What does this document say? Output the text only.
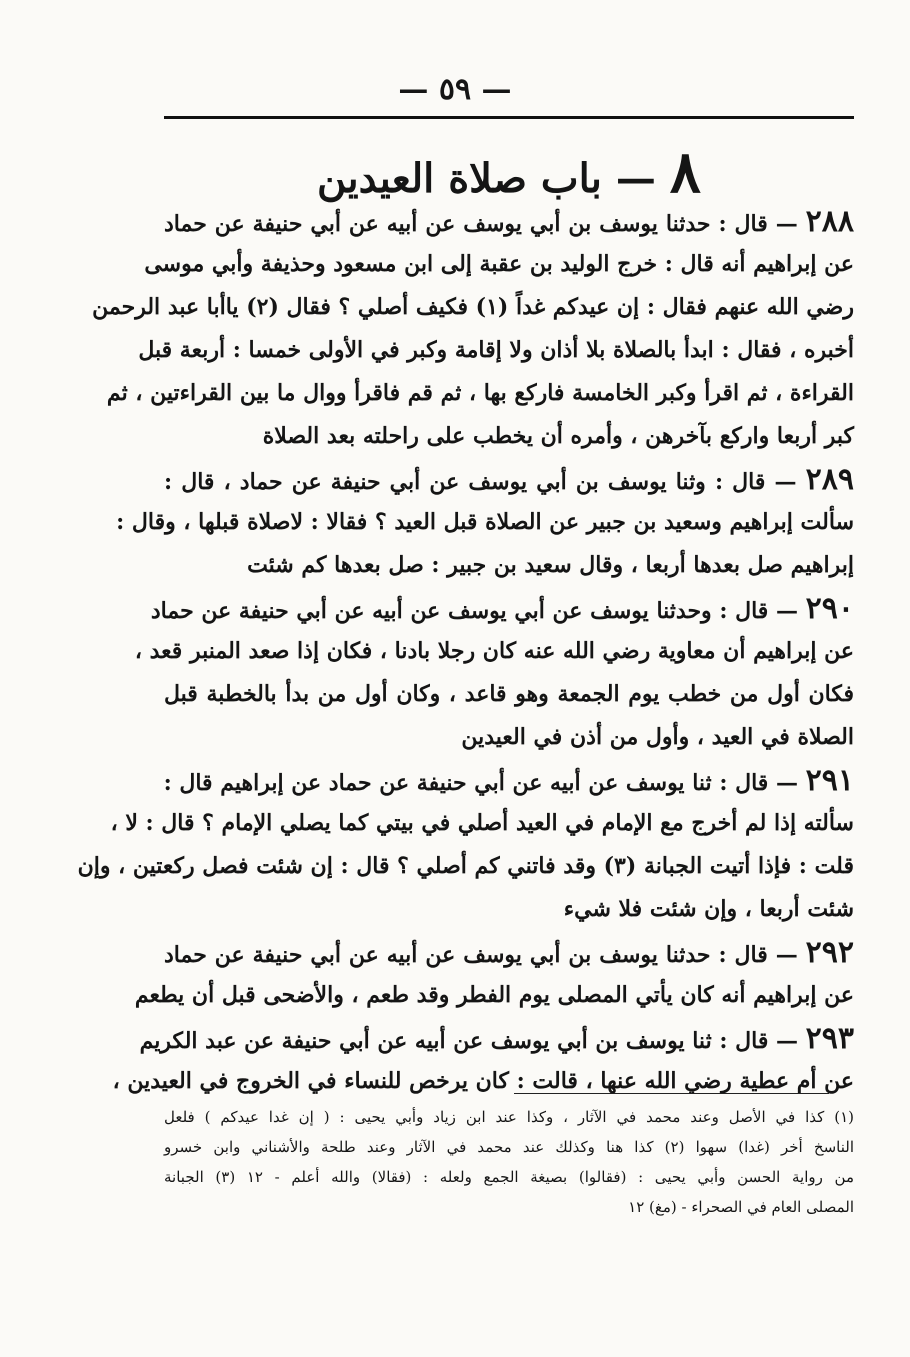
— ٥٩ —
٨ — باب صلاة العيدين
٢٨٨ — قال : حدثنا يوسف بن أبي يوسف عن أبيه عن أبي حنيفة عن حماد
عن إبراهيم أنه قال : خرج الوليد بن عقبة إلى ابن مسعود وحذيفة وأبي موسى
رضي الله عنهم فقال : إن عيدكم غداً (١) فكيف أصلي ؟ فقال (٢) ياأبا عبد الرحمن
أخبره ، فقال : ابدأ بالصلاة بلا أذان ولا إقامة وكبر في الأولى خمسا : أربعة قبل
القراءة ، ثم اقرأ وكبر الخامسة فاركع بها ، ثم قم فاقرأ ووال ما بين القراءتين ، ثم
كبر أربعا واركع بآخرهن ، وأمره أن يخطب على راحلته بعد الصلاة
٢٨٩ — قال : وثنا يوسف بن أبي يوسف عن أبي حنيفة عن حماد ، قال :
سألت إبراهيم وسعيد بن جبير عن الصلاة قبل العيد ؟ فقالا : لاصلاة قبلها ، وقال :
إبراهيم صل بعدها أربعا ، وقال سعيد بن جبير : صل بعدها كم شئت
٢٩٠ — قال : وحدثنا يوسف عن أبي يوسف عن أبيه عن أبي حنيفة عن حماد
عن إبراهيم أن معاوية رضي الله عنه كان رجلا بادنا ، فكان إذا صعد المنبر قعد ،
فكان أول من خطب يوم الجمعة وهو قاعد ، وكان أول من بدأ بالخطبة قبل
الصلاة في العيد ، وأول من أذن في العيدين
٢٩١ — قال : ثنا يوسف عن أبيه عن أبي حنيفة عن حماد عن إبراهيم قال :
سألته إذا لم أخرج مع الإمام في العيد أصلي في بيتي كما يصلي الإمام ؟ قال : لا ،
قلت : فإذا أتيت الجبانة (٣) وقد فاتني كم أصلي ؟ قال : إن شئت فصل ركعتين ، وإن
شئت أربعا ، وإن شئت فلا شيء
٢٩٢ — قال : حدثنا يوسف بن أبي يوسف عن أبيه عن أبي حنيفة عن حماد
عن إبراهيم أنه كان يأتي المصلى يوم الفطر وقد طعم ، والأضحى قبل أن يطعم
٢٩٣ — قال : ثنا يوسف بن أبي يوسف عن أبيه عن أبي حنيفة عن عبد الكريم
عن أم عطية رضي الله عنها ، قالت : كان يرخص للنساء في الخروج في العيدين ،
(١) كذا في الأصل وعند محمد في الآثار ، وكذا عند ابن زياد وأبي يحيى : ( إن غدا عيدكم ) فلعل
الناسخ أخر (غدا) سهوا (٢) كذا هنا وكذلك عند محمد في الآثار وعند طلحة والأشناني وابن خسرو
من رواية الحسن وأبي يحيى : (فقالوا) بصيغة الجمع ولعله : (فقالا) والله أعلم - ١٢ (٣) الجبانة
المصلى العام في الصحراء - (مغ) ١٢
